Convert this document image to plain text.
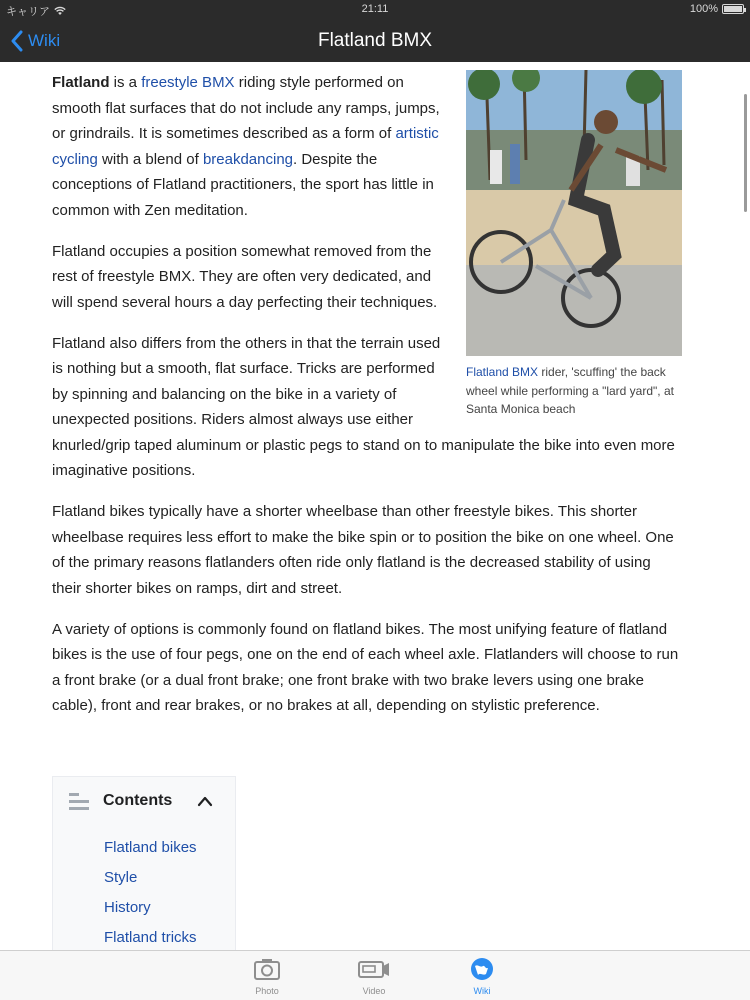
キャリア	21:11	100%
Wiki	Flatland BMX
Flatland BMX rider, 'scuffing' the back wheel while performing a "lard yard", at Santa Monica beach

Flatland is a freestyle BMX riding style performed on smooth flat surfaces that do not include any ramps, jumps, or grindrails. It is sometimes described as a form of artistic cycling with a blend of breakdancing. Despite the conceptions of Flatland practitioners, the sport has little in common with Zen meditation.

Flatland occupies a position somewhat removed from the rest of freestyle BMX. They are often very dedicated, and will spend several hours a day perfecting their techniques.

Flatland also differs from the others in that the terrain used is nothing but a smooth, flat surface. Tricks are performed by spinning and balancing on the bike in a variety of unexpected positions. Riders almost always use either knurled/grip taped aluminum or plastic pegs to stand on to manipulate the bike into even more imaginative positions.

Flatland bikes typically have a shorter wheelbase than other freestyle bikes. This shorter wheelbase requires less effort to make the bike spin or to position the bike on one wheel. One of the primary reasons flatlanders often ride only flatland is the decreased stability of using their shorter bikes on ramps, dirt and street.

A variety of options is commonly found on flatland bikes. The most unifying feature of flatland bikes is the use of four pegs, one on the end of each wheel axle. Flatlanders will choose to run a front brake (or a dual front brake; one front brake with two brake levers using one brake cable), front and rear brakes, or no brakes at all, depending on stylistic preference.

Contents
Flatland bikes
Style
History
Flatland tricks
Photo	Video	Wiki
